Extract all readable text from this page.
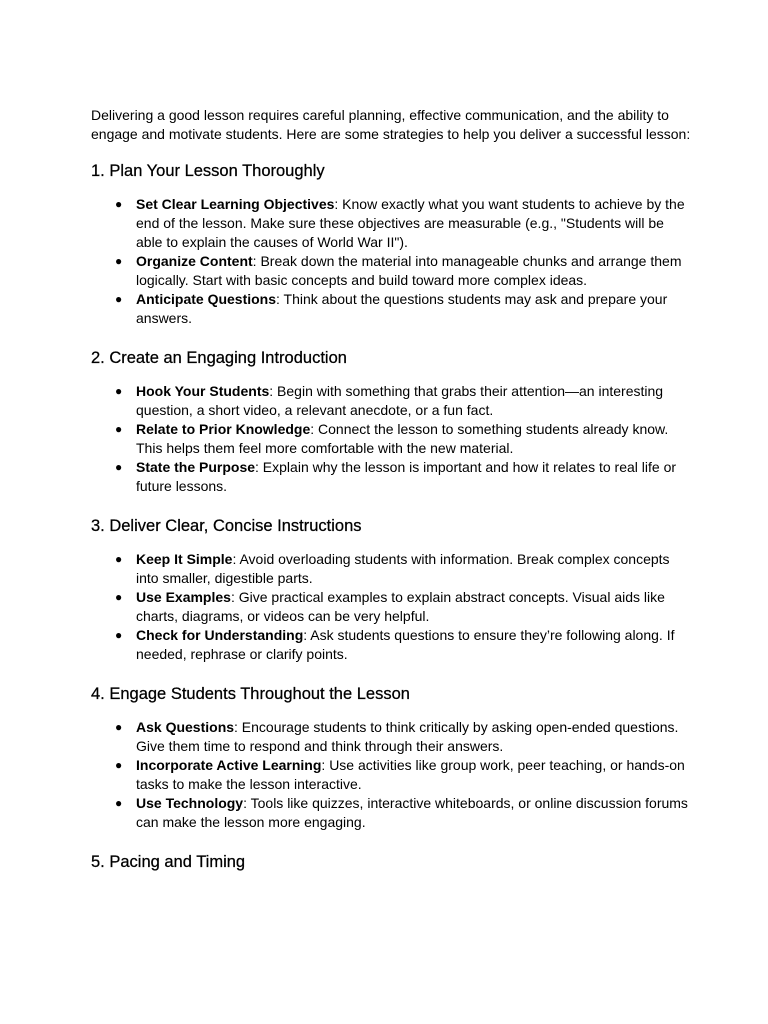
Delivering a good lesson requires careful planning, effective communication, and the ability to engage and motivate students. Here are some strategies to help you deliver a successful lesson:

1. Plan Your Lesson Thoroughly
● Set Clear Learning Objectives: Know exactly what you want students to achieve by the end of the lesson. Make sure these objectives are measurable (e.g., "Students will be able to explain the causes of World War II").
● Organize Content: Break down the material into manageable chunks and arrange them logically. Start with basic concepts and build toward more complex ideas.
● Anticipate Questions: Think about the questions students may ask and prepare your answers.
2. Create an Engaging Introduction
● Hook Your Students: Begin with something that grabs their attention—an interesting question, a short video, a relevant anecdote, or a fun fact.
● Relate to Prior Knowledge: Connect the lesson to something students already know. This helps them feel more comfortable with the new material.
● State the Purpose: Explain why the lesson is important and how it relates to real life or future lessons.
3. Deliver Clear, Concise Instructions
● Keep It Simple: Avoid overloading students with information. Break complex concepts into smaller, digestible parts.
● Use Examples: Give practical examples to explain abstract concepts. Visual aids like charts, diagrams, or videos can be very helpful.
● Check for Understanding: Ask students questions to ensure they’re following along. If needed, rephrase or clarify points.
4. Engage Students Throughout the Lesson
● Ask Questions: Encourage students to think critically by asking open-ended questions. Give them time to respond and think through their answers.
● Incorporate Active Learning: Use activities like group work, peer teaching, or hands-on tasks to make the lesson interactive.
● Use Technology: Tools like quizzes, interactive whiteboards, or online discussion forums can make the lesson more engaging.
5. Pacing and Timing
